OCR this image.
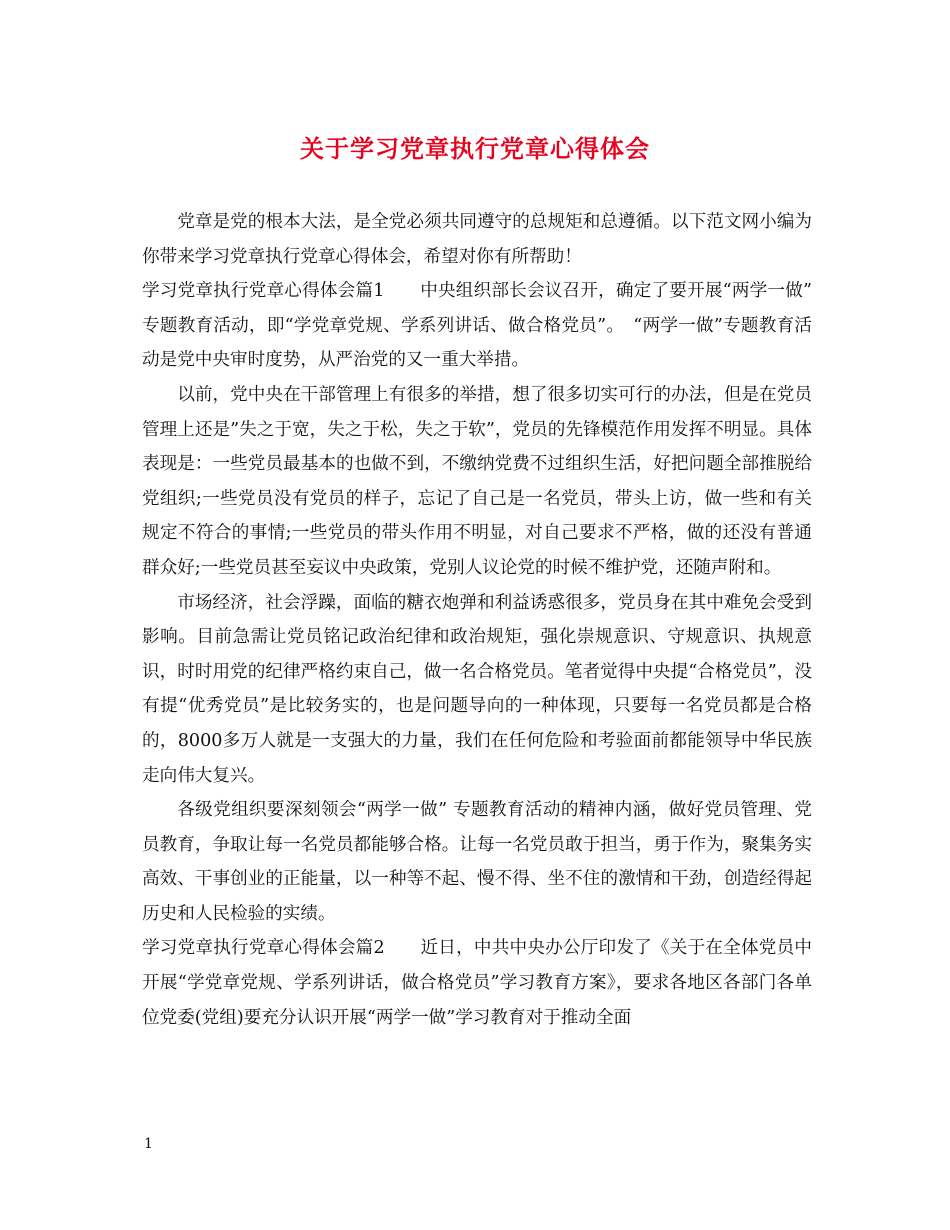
关于学习党章执行党章心得体会

党章是党的根本大法，是全党必须共同遵守的总规矩和总遵循。以下范文网小编为你带来学习党章执行党章心得体会，希望对你有所帮助！

学习党章执行党章心得体会篇1　　中央组织部长会议召开，确定了要开展“两学一做” 专题教育活动，即“学党章党规、学系列讲话、做合格党员”。　“两学一做”专题教育活动是党中央审时度势，从严治党的又一重大举措。

以前，党中央在干部管理上有很多的举措，想了很多切实可行的办法，但是在党员管理上还是”失之于宽，失之于松，失之于软”，党员的先锋模范作用发挥不明显。具体表现是：一些党员最基本的也做不到，不缴纳党费不过组织生活，好把问题全部推脱给党组织;一些党员没有党员的样子，忘记了自己是一名党员，带头上访，做一些和有关规定不符合的事情;一些党员的带头作用不明显，对自己要求不严格，做的还没有普通群众好;一些党员甚至妄议中央政策，党别人议论党的时候不维护党，还随声附和。

市场经济，社会浮躁，面临的糖衣炮弹和利益诱惑很多，党员身在其中难免会受到影响。目前急需让党员铭记政治纪律和政治规矩，强化崇规意识、守规意识、执规意识，时时用党的纪律严格约束自己，做一名合格党员。笔者觉得中央提“合格党员”，没有提“优秀党员”是比较务实的，也是问题导向的一种体现，只要每一名党员都是合格的，8000多万人就是一支强大的力量，我们在任何危险和考验面前都能领导中华民族走向伟大复兴。

各级党组织要深刻领会“两学一做” 专题教育活动的精神内涵，做好党员管理、党员教育，争取让每一名党员都能够合格。让每一名党员敢于担当，勇于作为，聚集务实高效、干事创业的正能量，以一种等不起、慢不得、坐不住的激情和干劲，创造经得起历史和人民检验的实绩。

学习党章执行党章心得体会篇2　　近日，中共中央办公厅印发了《关于在全体党员中开展“学党章党规、学系列讲话，做合格党员”学习教育方案》，要求各地区各部门各单位党委(党组)要充分认识开展“两学一做”学习教育对于推动全面

1
